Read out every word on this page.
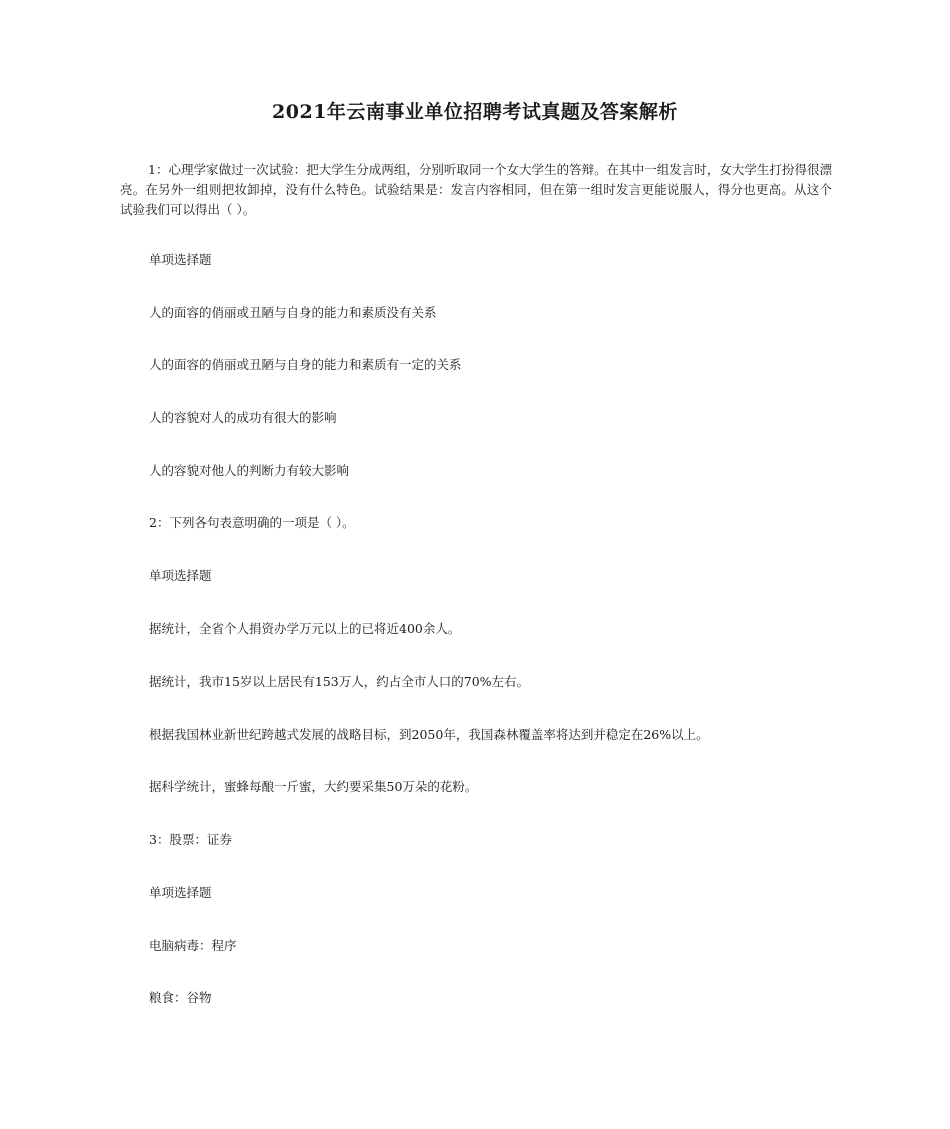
2021年云南事业单位招聘考试真题及答案解析

1：心理学家做过一次试验：把大学生分成两组，分别听取同一个女大学生的答辩。在其中一组发言时，女大学生打扮得很漂亮。在另外一组则把妆卸掉，没有什么特色。试验结果是：发言内容相同，但在第一组时发言更能说服人，得分也更高。从这个试验我们可以得出（ ）。

单项选择题

人的面容的俏丽或丑陋与自身的能力和素质没有关系

人的面容的俏丽或丑陋与自身的能力和素质有一定的关系

人的容貌对人的成功有很大的影响

人的容貌对他人的判断力有较大影响

2：下列各句表意明确的一项是（ ）。

单项选择题

据统计，全省个人捐资办学万元以上的已将近400余人。

据统计，我市15岁以上居民有153万人，约占全市人口的70%左右。

根据我国林业新世纪跨越式发展的战略目标，到2050年，我国森林覆盖率将达到并稳定在26%以上。

据科学统计，蜜蜂每酿一斤蜜，大约要采集50万朵的花粉。

3：股票：证券

单项选择题

电脑病毒：程序

粮食：谷物
